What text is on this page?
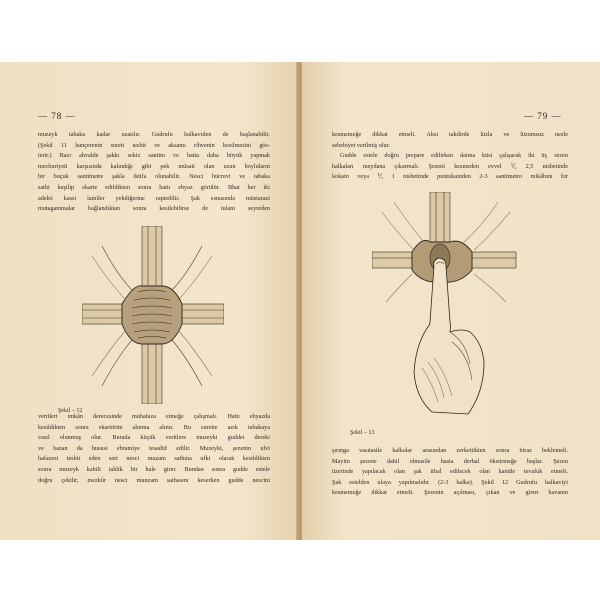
— 78 —
muzeyk tabaka kadar uzatılır. Gudrufu halkaviden de başlanabilir.
(Şekil 11 hançerenin sureti tesbit ve aksamı rihvenin kesilmesini gös-
terir.) Bazı ahvalde şakkı sekiz santim ve hatta daha büyük yapmak
mecburiyeti karşısında kalındığı gibi pek müsait olan uzun boyluların
bir buçuk santimetre şakla iktifa olunabilir. Nesci hücrevi ve tabaka
sathi keşilip ekarte edildikten sonra hattı ebyaz görülür. Bhat her iki
adelei kassi lamiler yekdiğerine raptedilir. Şak esnasında müstarazi
mutagammalar bağlandıktan sonra kesilebilirse de tulani seyreden
Şekil – 12
veritleri imkân derecesinde muhafaza etmeğe çalışmalı. Hattı ebyazda
kesildikten sonra ekartörün alınma alınır. Bu surette azık tabakaya
vasıl olunmuş olur. Burada küçük veritlere muzeyki guddei dereki
ve bazan da hususi ebramiye tesadüf edilir. Muzeyki, şezenin ulvi
hafazesi tesbit eden sert nesci muzam sathına ufki olarak kesildikten
sonra muzeyk kabili tahlik bir hale girer. Bundan sonra gudde estele
doğru çekilir, mezkûr nesci munzam sathasını keserken gudde nescini
— 79 —
kesmemeğe dikkat etmeli. Aksi takdirde lüzla ve lüzumsuz nezle
sebebiyet verilmiş olur.
Gudde estele doğru prepare edilirken daima küst çalışarak iki üç sezen
halkaları meydana çıkarmalı. Şezeni kesmeden evvel ⅟₂ 2,5 nisbetinde
kokain veya ⅟₂ 1 nisbetinde puntukainden 2-3 santimetro mikâbını bir
Şekil – 13
şırınga vasıtasile halkalar arasından zerkettikten sonra biraz beklemeli.
Mayiin şezene dahil olmasile hasta derhal öksürmeğe başlar. Şezen
üzerinde yapılacak olan şak ithal edilecek olan kanüle tevafuk etmeli.
Şak estelden ulaya yapılmalıdır. (2-3 halka). Şekil 12 Gudrufu halkaviyi
kesmemeğe dikkat etmeli. Şezenin açılması, çıkan ve giren havanın
